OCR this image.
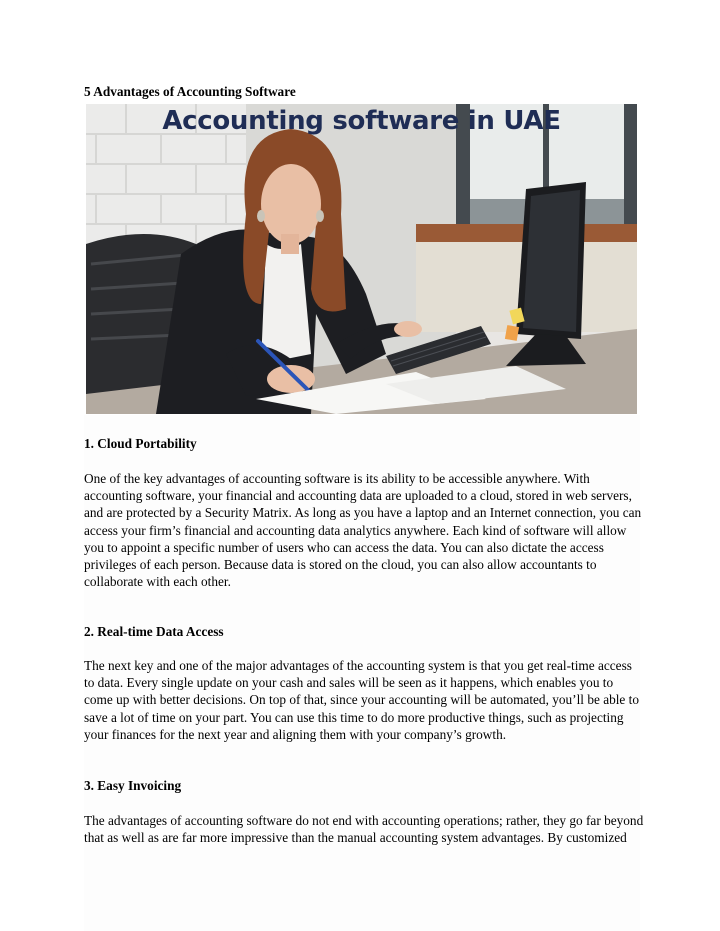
5 Advantages of Accounting Software
Accounting software in UAE
1. Cloud Portability

One of the key advantages of accounting software is its ability to be accessible anywhere. With accounting software, your financial and accounting data are uploaded to a cloud, stored in web servers, and are protected by a Security Matrix. As long as you have a laptop and an Internet connection, you can access your firm’s financial and accounting data analytics anywhere. Each kind of software will allow you to appoint a specific number of users who can access the data. You can also dictate the access privileges of each person. Because data is stored on the cloud, you can also allow accountants to collaborate with each other.

2. Real-time Data Access

The next key and one of the major advantages of the accounting system is that you get real-time access to data. Every single update on your cash and sales will be seen as it happens, which enables you to come up with better decisions. On top of that, since your accounting will be automated, you’ll be able to save a lot of time on your part. You can use this time to do more productive things, such as projecting your finances for the next year and aligning them with your company’s growth.

3. Easy Invoicing

The advantages of accounting software do not end with accounting operations; rather, they go far beyond that as well as are far more impressive than the manual accounting system advantages. By customized
